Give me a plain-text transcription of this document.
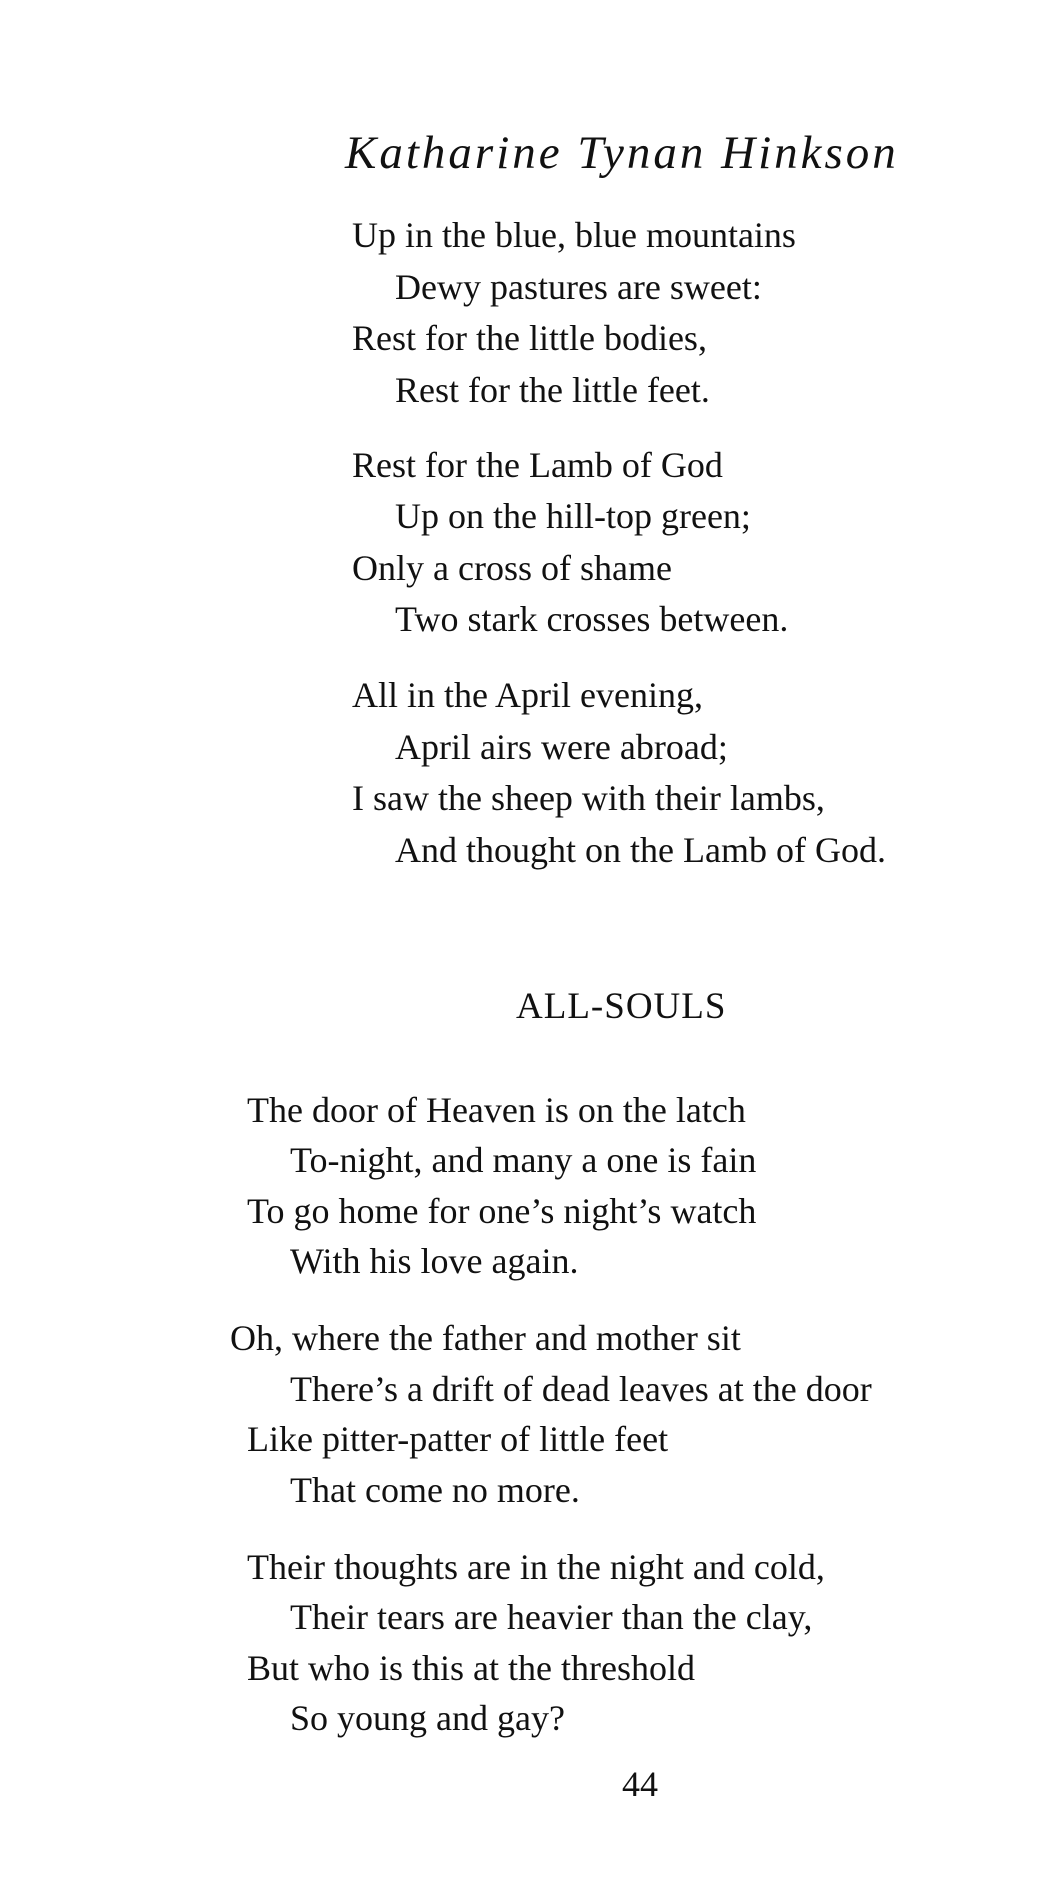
Katharine Tynan Hinkson
Up in the blue, blue mountains
Dewy pastures are sweet:
Rest for the little bodies,
Rest for the little feet.
Rest for the Lamb of God
Up on the hill-top green;
Only a cross of shame
Two stark crosses between.
All in the April evening,
April airs were abroad;
I saw the sheep with their lambs,
And thought on the Lamb of God.
ALL-SOULS
The door of Heaven is on the latch
To-night, and many a one is fain
To go home for one’s night’s watch
With his love again.
Oh, where the father and mother sit
There’s a drift of dead leaves at the door
Like pitter-patter of little feet
That come no more.
Their thoughts are in the night and cold,
Their tears are heavier than the clay,
But who is this at the threshold
So young and gay?
44
